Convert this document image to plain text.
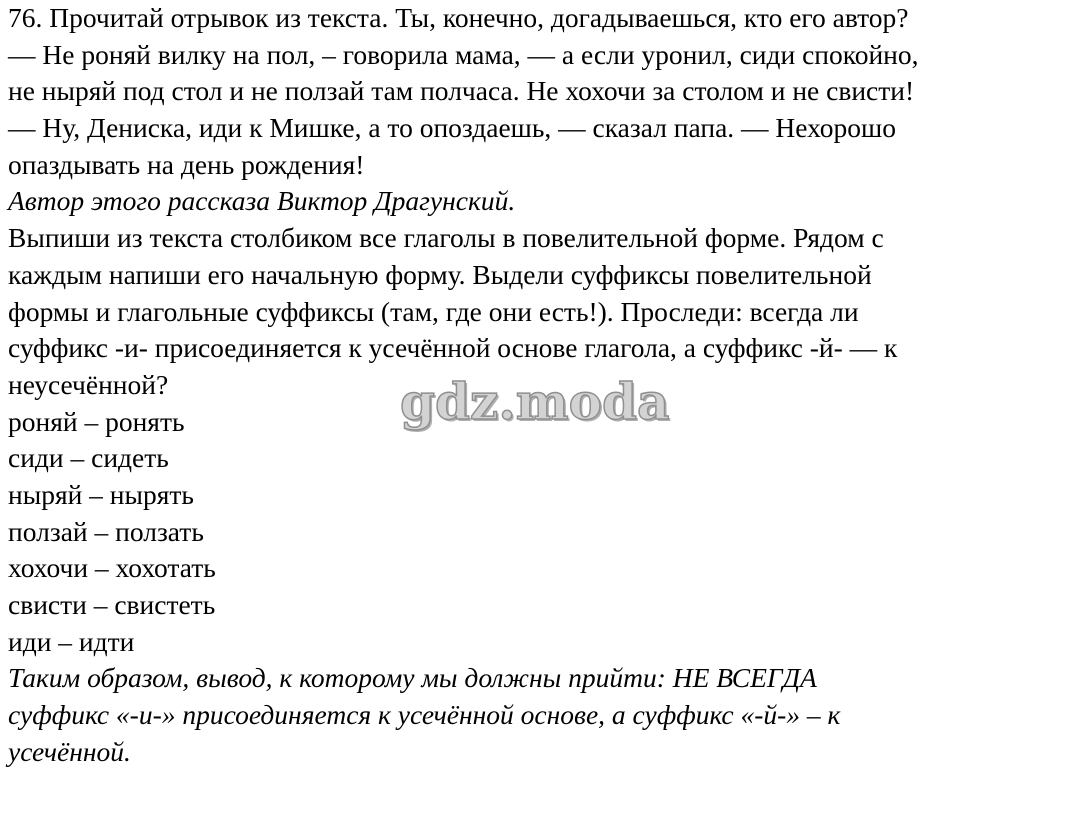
76. Прочитай отрывок из текста. Ты, конечно, догадываешься, кто его автор?
— Не роняй вилку на пол, – говорила мама, — а если уронил, сиди спокойно,
не ныряй под стол и не ползай там полчаса. Не хохочи за столом и не свисти!
— Ну, Дениска, иди к Мишке, а то опоздаешь, — сказал папа. — Нехорошо
опаздывать на день рождения!
Автор этого рассказа Виктор Драгунский.
Выпиши из текста столбиком все глаголы в повелительной форме. Рядом с
каждым напиши его начальную форму. Выдели суффиксы повелительной
формы и глагольные суффиксы (там, где они есть!). Проследи: всегда ли
суффикс -и- присоединяется к усечённой основе глагола, а суффикс -й- — к
неусечённой?
роняй – ронять
сиди – сидеть
ныряй – нырять
ползай – ползать
хохочи – хохотать
свисти – свистеть
иди – идти
Таким образом, вывод, к которому мы должны прийти: НЕ ВСЕГДА
суффикс «-и-» присоединяется к усечённой основе, а суффикс «-й-» – к
усечённой.
gdz.moda
